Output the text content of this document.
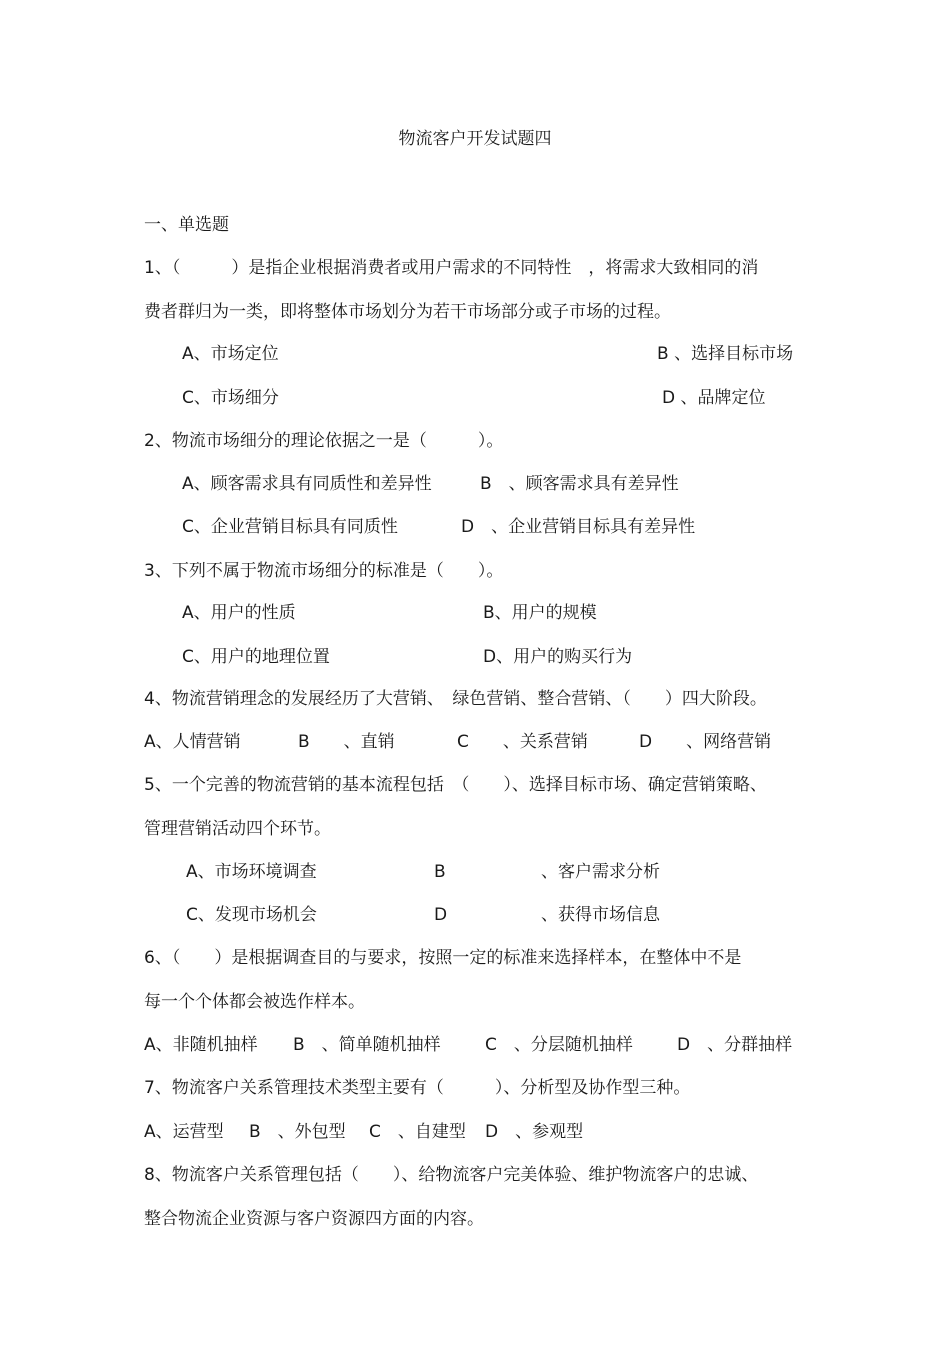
物流客户开发试题四
一、单选题
1、（　　　）是指企业根据消费者或用户需求的不同特性　，将需求大致相同的消
费者群归为一类，即将整体市场划分为若干市场部分或子市场的过程。
A、市场定位	B 、选择目标市场
C、市场细分	D 、品牌定位
2、物流市场细分的理论依据之一是（　　　）。
A、顾客需求具有同质性和差异性	B　、顾客需求具有差异性
C、企业营销目标具有同质性	D　、企业营销目标具有差异性
3、下列不属于物流市场细分的标准是（　　）。
A、用户的性质	B、用户的规模
C、用户的地理位置	D、用户的购买行为
4、物流营销理念的发展经历了大营销、　绿色营销、整合营销、（　　）四大阶段。
A、人情营销	B　　、直销	C　　、关系营销	D　　、网络营销
5、一个完善的物流营销的基本流程包括　（　　）、选择目标市场、确定营销策略、
管理营销活动四个环节。
A、市场环境调查	B	、客户需求分析
C、发现市场机会	D	、获得市场信息
6、（　　）是根据调查目的与要求，按照一定的标准来选择样本，在整体中不是
每一个个体都会被选作样本。
A、非随机抽样 B　、简单随机抽样	C　、分层随机抽样	D　、分群抽样
7、物流客户关系管理技术类型主要有（　　　）、分析型及协作型三种。
A、运营型 B　、外包型 C　、自建型 D　、参观型
8、物流客户关系管理包括（　　）、给物流客户完美体验、维护物流客户的忠诚、
整合物流企业资源与客户资源四方面的内容。
